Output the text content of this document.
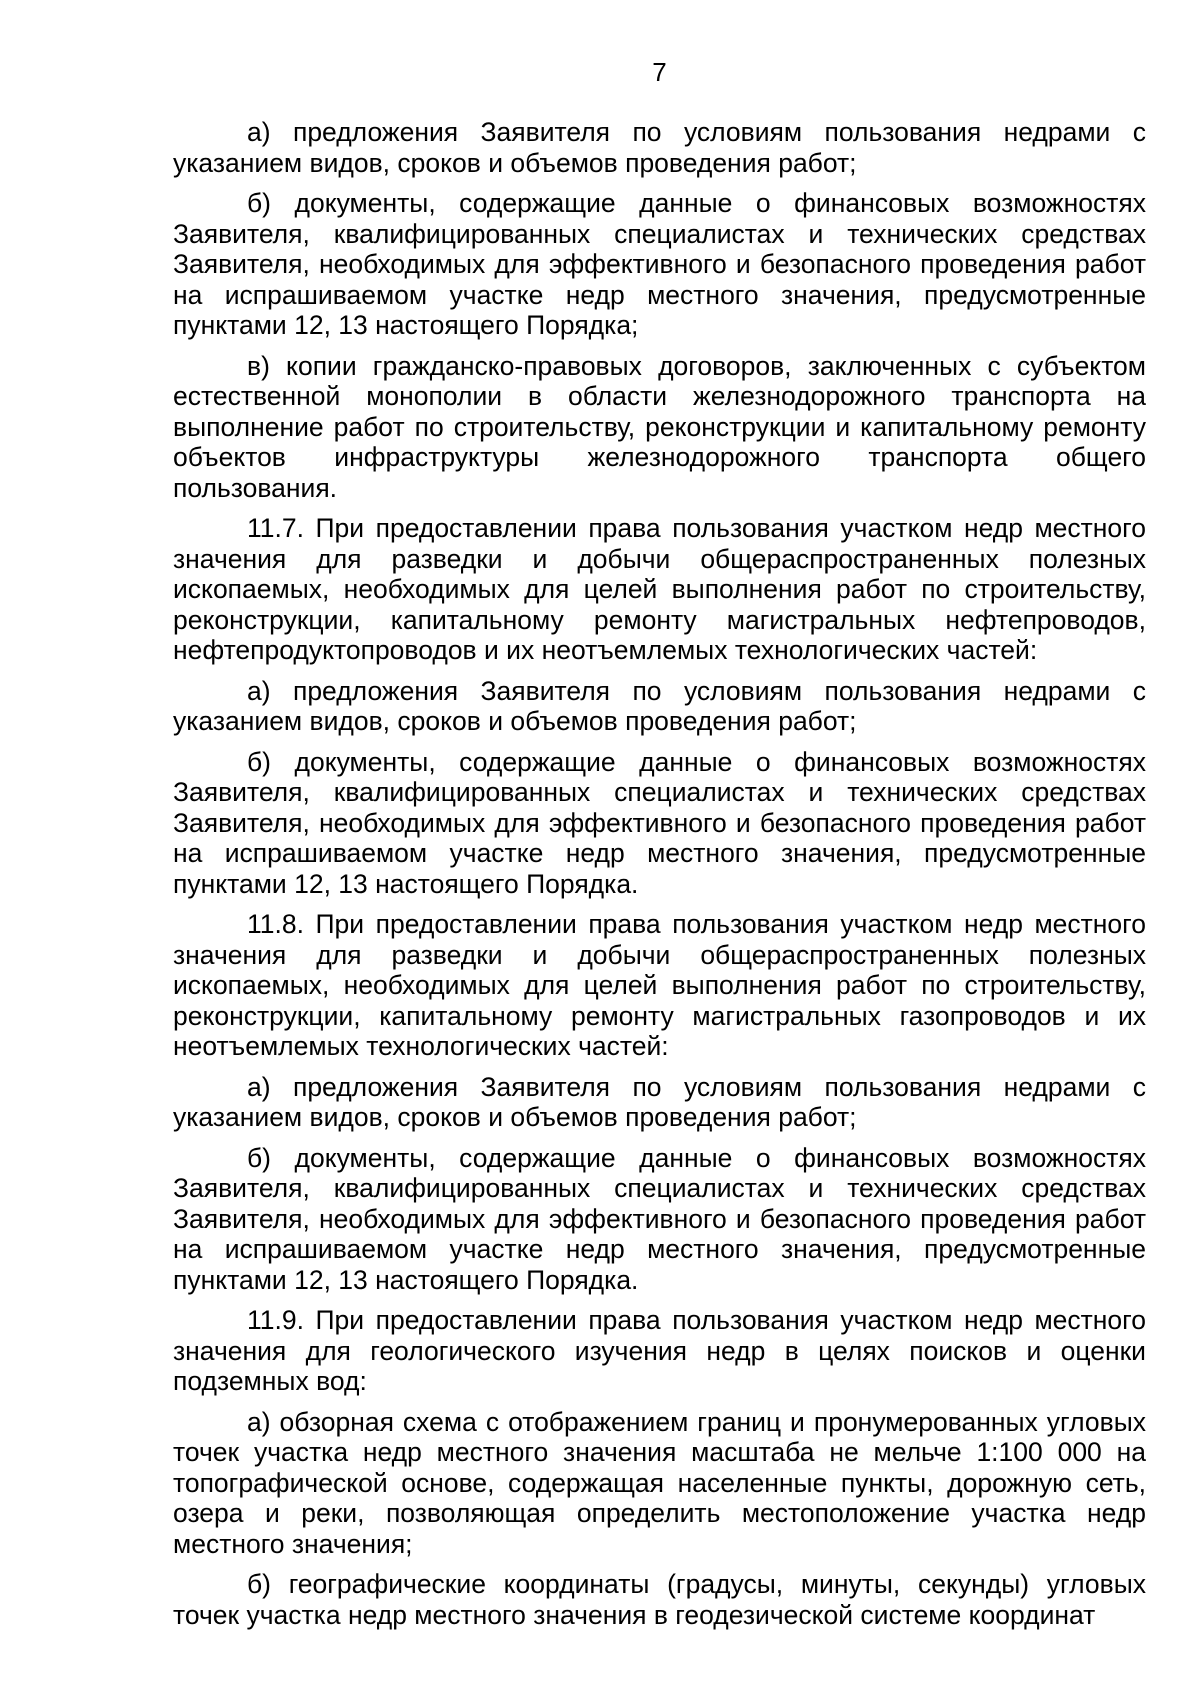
7

а) предложения Заявителя по условиям пользования недрами с указанием видов, сроков и объемов проведения работ;

б) документы, содержащие данные о финансовых возможностях Заявителя, квалифицированных специалистах и технических средствах Заявителя, необходимых для эффективного и безопасного проведения работ на испрашиваемом участке недр местного значения, предусмотренные пунктами 12, 13 настоящего Порядка;

в) копии гражданско-правовых договоров, заключенных с субъектом естественной монополии в области железнодорожного транспорта на выполнение работ по строительству, реконструкции и капитальному ремонту объектов инфраструктуры железнодорожного транспорта общего пользования.

11.7. При предоставлении права пользования участком недр местного значения для разведки и добычи общераспространенных полезных ископаемых, необходимых для целей выполнения работ по строительству, реконструкции, капитальному ремонту магистральных нефтепроводов, нефтепродуктопроводов и их неотъемлемых технологических частей:

а) предложения Заявителя по условиям пользования недрами с указанием видов, сроков и объемов проведения работ;

б) документы, содержащие данные о финансовых возможностях Заявителя, квалифицированных специалистах и технических средствах Заявителя, необходимых для эффективного и безопасного проведения работ на испрашиваемом участке недр местного значения, предусмотренные пунктами 12, 13 настоящего Порядка.

11.8. При предоставлении права пользования участком недр местного значения для разведки и добычи общераспространенных полезных ископаемых, необходимых для целей выполнения работ по строительству, реконструкции, капитальному ремонту магистральных газопроводов и их неотъемлемых технологических частей:

а) предложения Заявителя по условиям пользования недрами с указанием видов, сроков и объемов проведения работ;

б) документы, содержащие данные о финансовых возможностях Заявителя, квалифицированных специалистах и технических средствах Заявителя, необходимых для эффективного и безопасного проведения работ на испрашиваемом участке недр местного значения, предусмотренные пунктами 12, 13 настоящего Порядка.

11.9. При предоставлении права пользования участком недр местного значения для геологического изучения недр в целях поисков и оценки подземных вод:

а) обзорная схема с отображением границ и пронумерованных угловых точек участка недр местного значения масштаба не мельче 1:100 000 на топографической основе, содержащая населенные пункты, дорожную сеть, озера и реки, позволяющая определить местоположение участка недр местного значения;

б) географические координаты (градусы, минуты, секунды) угловых точек участка недр местного значения в геодезической системе координат
